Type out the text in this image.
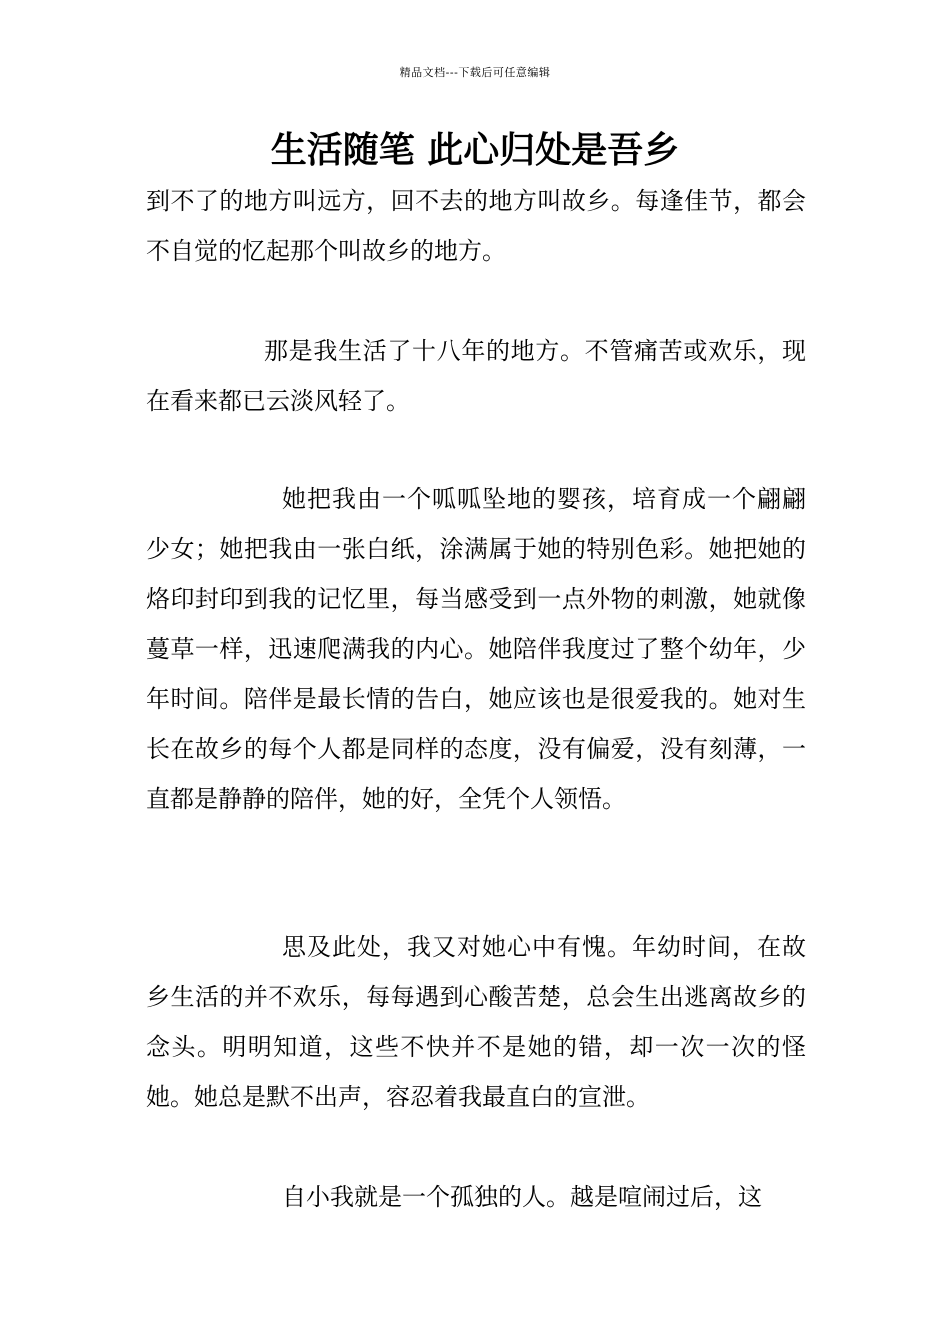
精品文档---下载后可任意编辑
生活随笔 此心归处是吾乡

到不了的地方叫远方，回不去的地方叫故乡。每逢佳节，都会不自觉的忆起那个叫故乡的地方。

那是我生活了十八年的地方。不管痛苦或欢乐，现在看来都已云淡风轻了。

她把我由一个呱呱坠地的婴孩，培育成一个翩翩少女；她把我由一张白纸，涂满属于她的特别色彩。她把她的烙印封印到我的记忆里，每当感受到一点外物的刺激，她就像蔓草一样，迅速爬满我的内心。她陪伴我度过了整个幼年，少年时间。陪伴是最长情的告白，她应该也是很爱我的。她对生长在故乡的每个人都是同样的态度，没有偏爱，没有刻薄，一直都是静静的陪伴，她的好，全凭个人领悟。

思及此处，我又对她心中有愧。年幼时间，在故乡生活的并不欢乐，每每遇到心酸苦楚，总会生出逃离故乡的念头。明明知道，这些不快并不是她的错，却一次一次的怪她。她总是默不出声，容忍着我最直白的宣泄。

自小我就是一个孤独的人。越是喧闹过后，这
